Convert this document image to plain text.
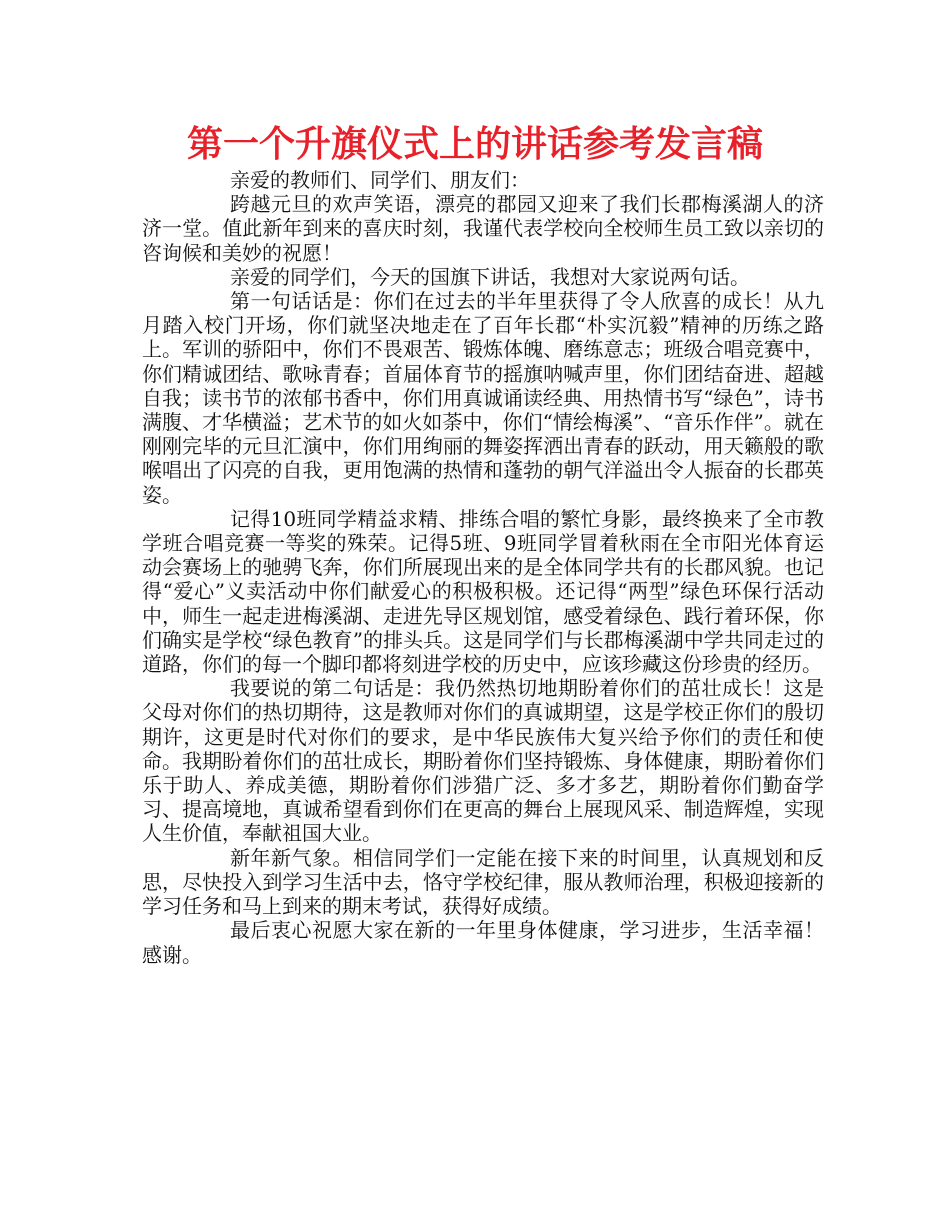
第一个升旗仪式上的讲话参考发言稿

亲爱的教师们、同学们、朋友们：

跨越元旦的欢声笑语，漂亮的郡园又迎来了我们长郡梅溪湖人的济济一堂。值此新年到来的喜庆时刻，我谨代表学校向全校师生员工致以亲切的咨询候和美妙的祝愿！

亲爱的同学们，今天的国旗下讲话，我想对大家说两句话。

第一句话话是：你们在过去的半年里获得了令人欣喜的成长！从九月踏入校门开场，你们就坚决地走在了百年长郡“朴实沉毅”精神的历练之路上。军训的骄阳中，你们不畏艰苦、锻炼体魄、磨练意志；班级合唱竞赛中，你们精诚团结、歌咏青春；首届体育节的摇旗呐喊声里，你们团结奋进、超越自我；读书节的浓郁书香中，你们用真诚诵读经典、用热情书写“绿色”，诗书满腹、才华横溢；艺术节的如火如荼中，你们“情绘梅溪”、“音乐作伴”。就在刚刚完毕的元旦汇演中，你们用绚丽的舞姿挥洒出青春的跃动，用天籁般的歌喉唱出了闪亮的自我，更用饱满的热情和蓬勃的朝气洋溢出令人振奋的长郡英姿。

记得10班同学精益求精、排练合唱的繁忙身影，最终换来了全市教学班合唱竞赛一等奖的殊荣。记得5班、9班同学冒着秋雨在全市阳光体育运动会赛场上的驰骋飞奔，你们所展现出来的是全体同学共有的长郡风貌。也记得“爱心”义卖活动中你们献爱心的积极积极。还记得“两型”绿色环保行活动中，师生一起走进梅溪湖、走进先导区规划馆，感受着绿色、践行着环保，你们确实是学校“绿色教育”的排头兵。这是同学们与长郡梅溪湖中学共同走过的道路，你们的每一个脚印都将刻进学校的历史中，应该珍藏这份珍贵的经历。

我要说的第二句话是：我仍然热切地期盼着你们的茁壮成长！这是父母对你们的热切期待，这是教师对你们的真诚期望，这是学校正你们的殷切期许，这更是时代对你们的要求，是中华民族伟大复兴给予你们的责任和使命。我期盼着你们的茁壮成长，期盼着你们坚持锻炼、身体健康，期盼着你们乐于助人、养成美德，期盼着你们涉猎广泛、多才多艺，期盼着你们勤奋学习、提高境地，真诚希望看到你们在更高的舞台上展现风采、制造辉煌，实现人生价值，奉献祖国大业。

新年新气象。相信同学们一定能在接下来的时间里，认真规划和反思，尽快投入到学习生活中去，恪守学校纪律，服从教师治理，积极迎接新的学习任务和马上到来的期末考试，获得好成绩。

最后衷心祝愿大家在新的一年里身体健康，学习进步，生活幸福！感谢。
